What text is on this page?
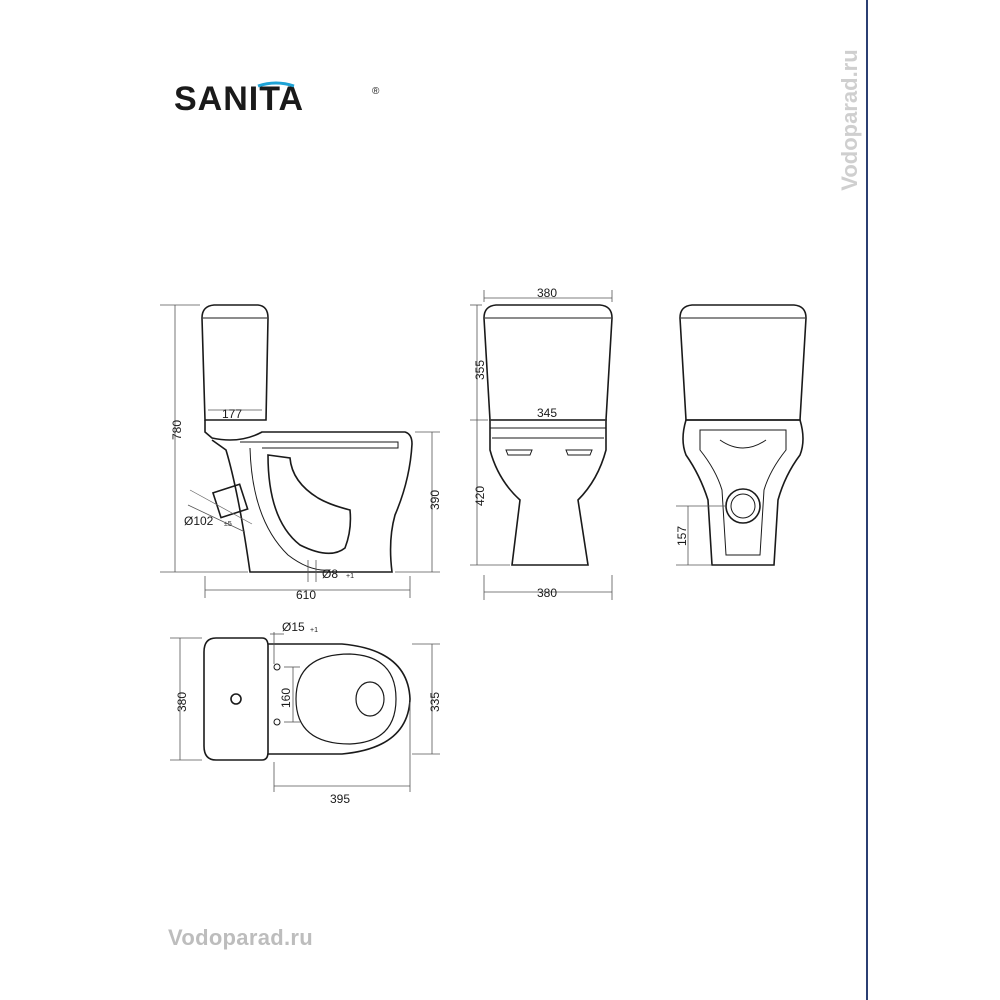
SANITA	®
780
177
390
Ø102 ±5
Ø8 +1
610
380
355
345
420
380
157
380
Ø15 +1
160	335
395
Vodoparad.ru
Vodoparad.ru
